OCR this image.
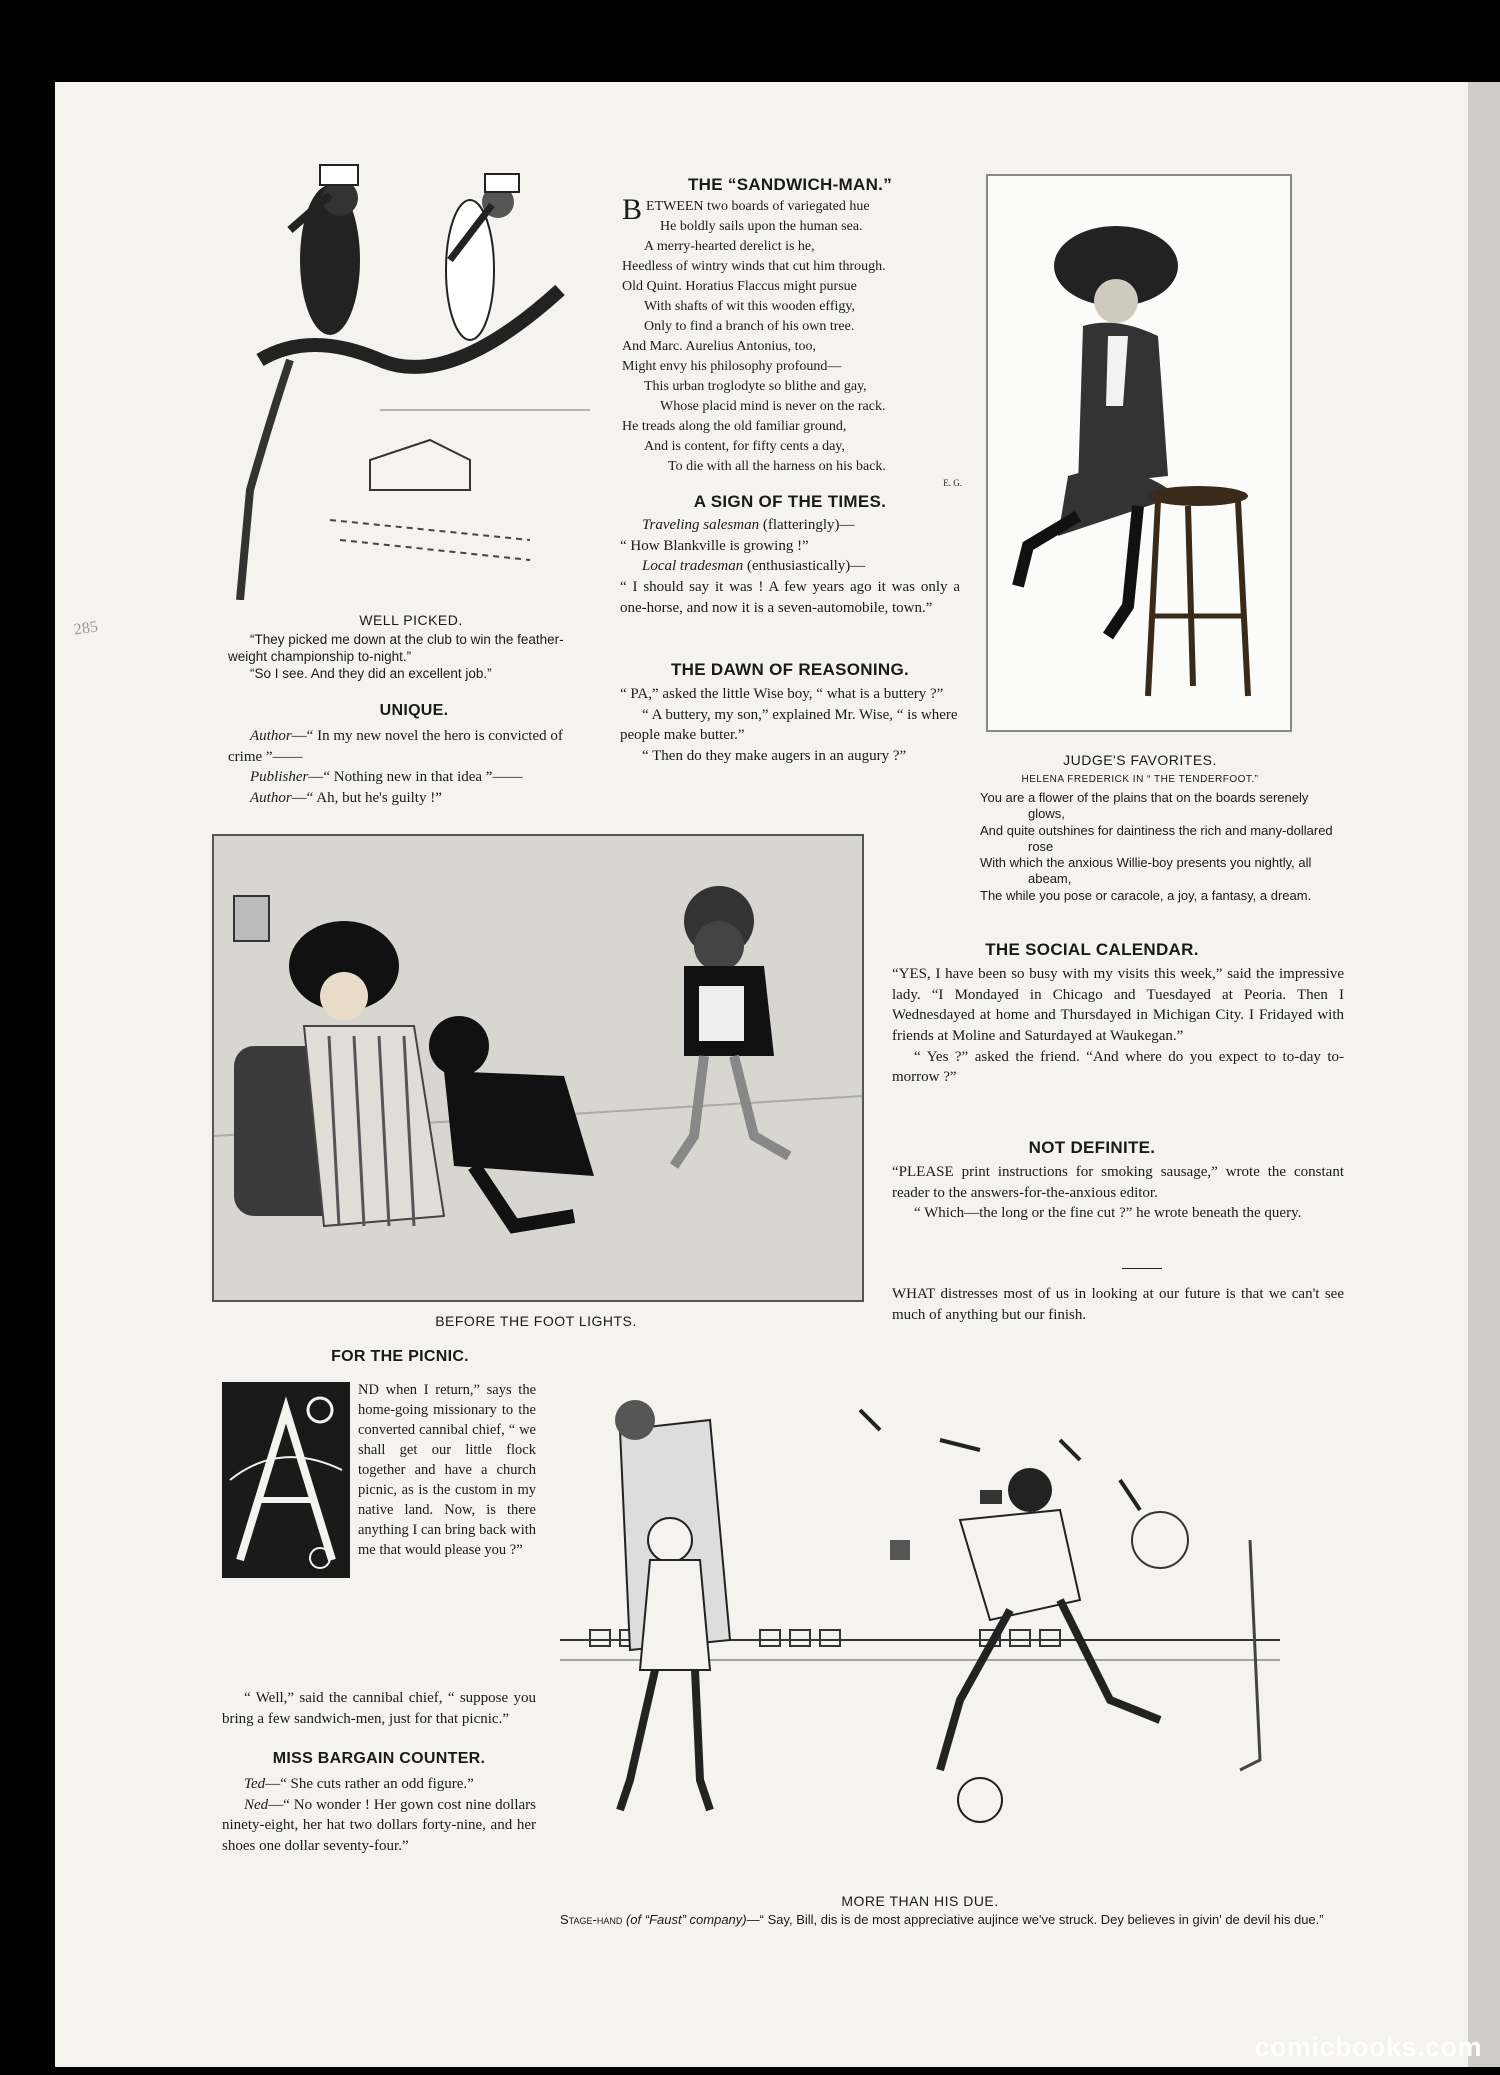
285	WELL PICKED.
“They picked me down at the club to win the feather-weight championship to-night.”
“So I see. And they did an excellent job.”
UNIQUE.

Author—“ In my new novel the hero is convicted of crime ”——

Publisher—“ Nothing new in that idea ”——

Author—“ Ah, but he's guilty !”

THE “SANDWICH-MAN.”
BETWEEN two boards of variegated hue
He boldly sails upon the human sea.
A merry-hearted derelict is he,
Heedless of wintry winds that cut him through.
Old Quint. Horatius Flaccus might pursue
With shafts of wit this wooden effigy,
Only to find a branch of his own tree.
And Marc. Aurelius Antonius, too,
Might envy his philosophy profound—
This urban troglodyte so blithe and gay,
Whose placid mind is never on the rack.
He treads along the old familiar ground,
And is content, for fifty cents a day,
To die with all the harness on his back.
E. G.
A SIGN OF THE TIMES.

Traveling salesman (flatteringly)—

“ How Blankville is growing !”

Local tradesman (enthusiastically)—

“ I should say it was ! A few years ago it was only a one-horse, and now it is a seven-automobile, town.”

THE DAWN OF REASONING.

“ PA,” asked the little Wise boy, “ what is a buttery ?”

“ A buttery, my son,” explained Mr. Wise, “ is where people make butter.”

“ Then do they make augers in an augury ?”	JUDGE'S FAVORITES.
HELENA FREDERICK IN “ THE TENDERFOOT.”
You are a flower of the plains that on the boards serenely glows,
And quite outshines for daintiness the rich and many-dollared rose
With which the anxious Willie-boy presents you nightly, all abeam,
The while you pose or caracole, a joy, a fantasy, a dream.
BEFORE THE FOOT LIGHTS.
THE SOCIAL CALENDAR.

“YES, I have been so busy with my visits this week,” said the impressive lady. “I Mondayed in Chicago and Tuesdayed at Peoria. Then I Wednesdayed at home and Thursdayed in Michigan City. I Fridayed with friends at Moline and Saturdayed at Waukegan.”

“ Yes ?” asked the friend. “And where do you expect to to-day to-morrow ?”

NOT DEFINITE.

“PLEASE print instructions for smoking sausage,” wrote the constant reader to the answers-for-the-anxious editor.

“ Which—the long or the fine cut ?” he wrote beneath the query.

WHAT distresses most of us in looking at our future is that we can't see much of anything but our finish.
FOR THE PICNIC.

ND when I return,” says the home-going missionary to the converted cannibal chief, “ we shall get our little flock together and have a church picnic, as is the custom in my native land. Now, is there anything I can bring back with me that would please you ?”

“ Well,” said the cannibal chief, “ suppose you bring a few sandwich-men, just for that picnic.”

MISS BARGAIN COUNTER.

Ted—“ She cuts rather an odd figure.”

Ned—“ No wonder ! Her gown cost nine dollars ninety-eight, her hat two dollars forty-nine, and her shoes one dollar seventy-four.”

MORE THAN HIS DUE.
Stage-hand (of “Faust” company)—“ Say, Bill, dis is de most appreciative aujince we've struck. Dey believes in givin' de devil his due.”
comicbooks.com
